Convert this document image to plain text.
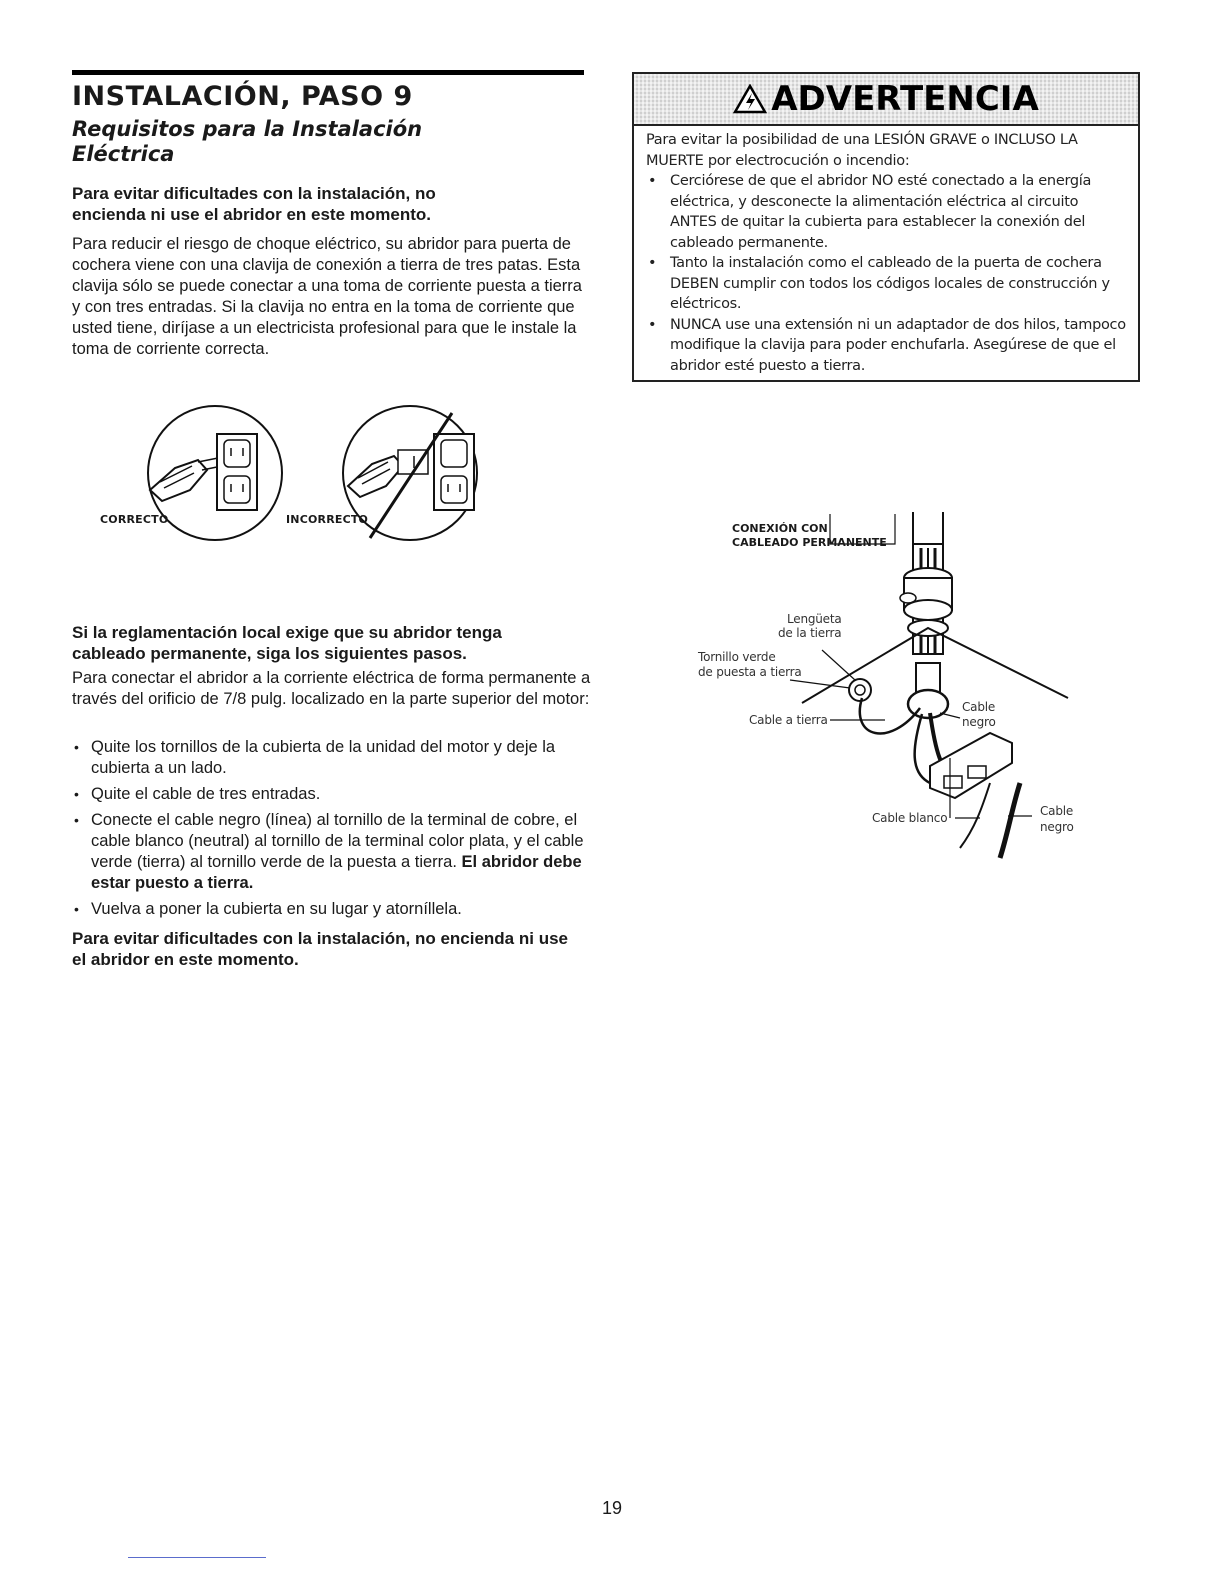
INSTALACIÓN, PASO 9
Requisitos para la Instalación Eléctrica

Para evitar dificultades con la instalación, no encienda ni use el abridor en este momento.

Para reducir el riesgo de choque eléctrico, su abridor para puerta de cochera viene con una clavija de conexión a tierra de tres patas. Esta clavija sólo se puede conectar a una toma de corriente puesta a tierra y con tres entradas. Si la clavija no entra en la toma de corriente que usted tiene, diríjase a un electricista profesional para que le instale la toma de corriente correcta.

CORRECTO	INCORRECTO

Si la reglamentación local exige que su abridor tenga cableado permanente, siga los siguientes pasos.

Para conectar el abridor a la corriente eléctrica de forma permanente a través del orificio de 7/8 pulg. localizado en la parte superior del motor:

• Quite los tornillos de la cubierta de la unidad del motor y deje la cubierta a un lado.
• Quite el cable de tres entradas.
• Conecte el cable negro (línea) al tornillo de la terminal de cobre, el cable blanco (neutral) al tornillo de la terminal color plata, y el cable verde (tierra) al tornillo verde de la puesta a tierra. El abridor debe estar puesto a tierra.
• Vuelva a poner la cubierta en su lugar y atorníllela.

Para evitar dificultades con la instalación, no encienda ni use el abridor en este momento.

ADVERTENCIA

Para evitar la posibilidad de una LESIÓN GRAVE o INCLUSO LA MUERTE por electrocución o incendio:

• Cerciórese de que el abridor NO esté conectado a la energía eléctrica, y desconecte la alimentación eléctrica al circuito ANTES de quitar la cubierta para establecer la conexión del cableado permanente.
• Tanto la instalación como el cableado de la puerta de cochera DEBEN cumplir con todos los códigos locales de construcción y eléctricos.
• NUNCA use una extensión ni un adaptador de dos hilos, tampoco modifique la clavija para poder enchufarla. Asegúrese de que el abridor esté puesto a tierra.
CONEXIÓN CON
CABLEADO PERMANENTE
Lengüeta
de la tierra
Tornillo verde
de puesta a tierra
Cable a tierra
Cable
negro
Cable blanco	Cable
negro
19
